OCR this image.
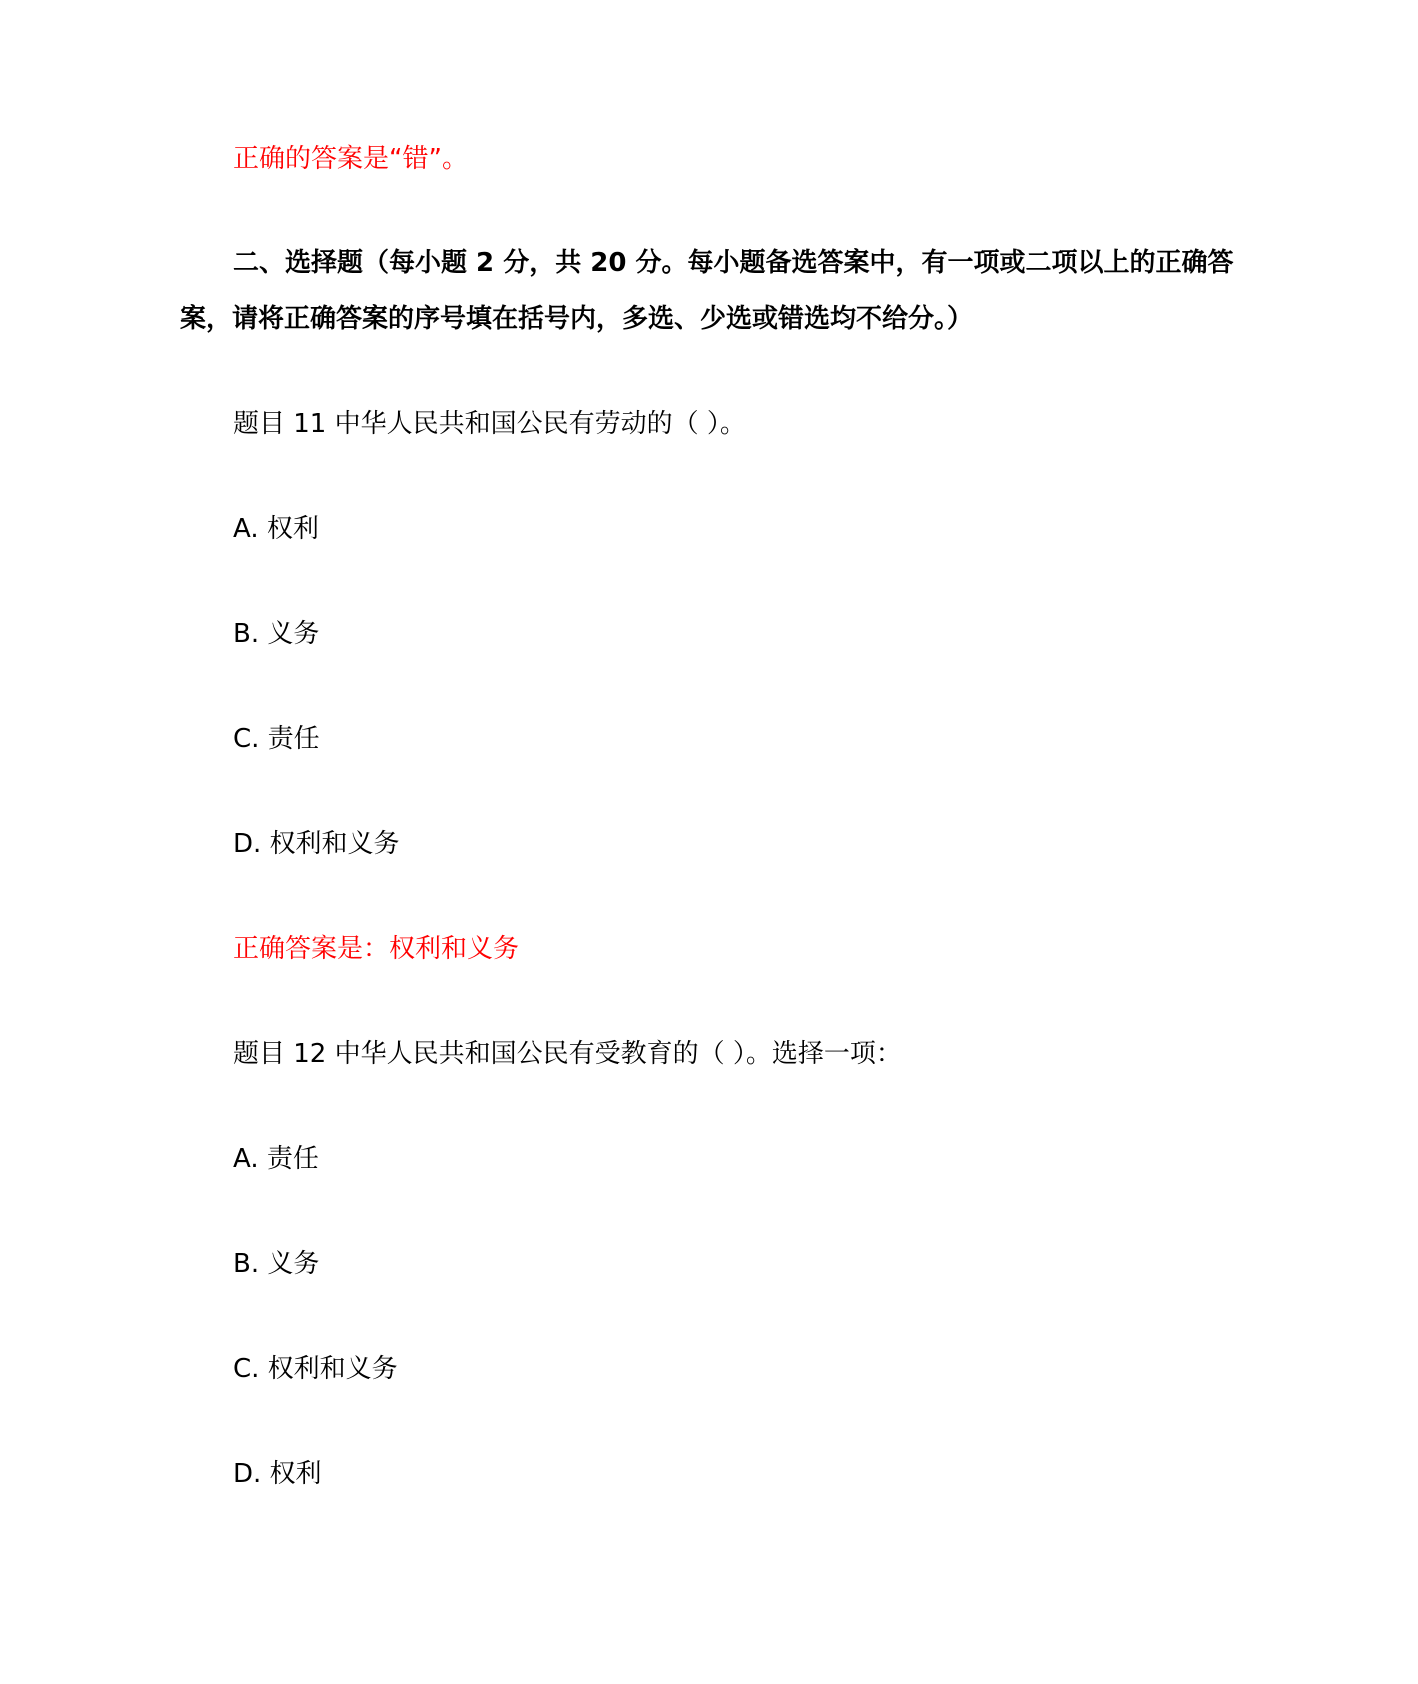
正确的答案是“错”。
二、选择题（每小题 2 分，共 20 分。每小题备选答案中，有一项或二项以上的正确答案，请将正确答案的序号填在括号内，多选、少选或错选均不给分。）
题目 11 中华人民共和国公民有劳动的（ ）。
A. 权利
B. 义务
C. 责任
D. 权利和义务
正确答案是：权利和义务
题目 12 中华人民共和国公民有受教育的（ ）。选择一项：
A. 责任
B. 义务
C. 权利和义务
D. 权利
